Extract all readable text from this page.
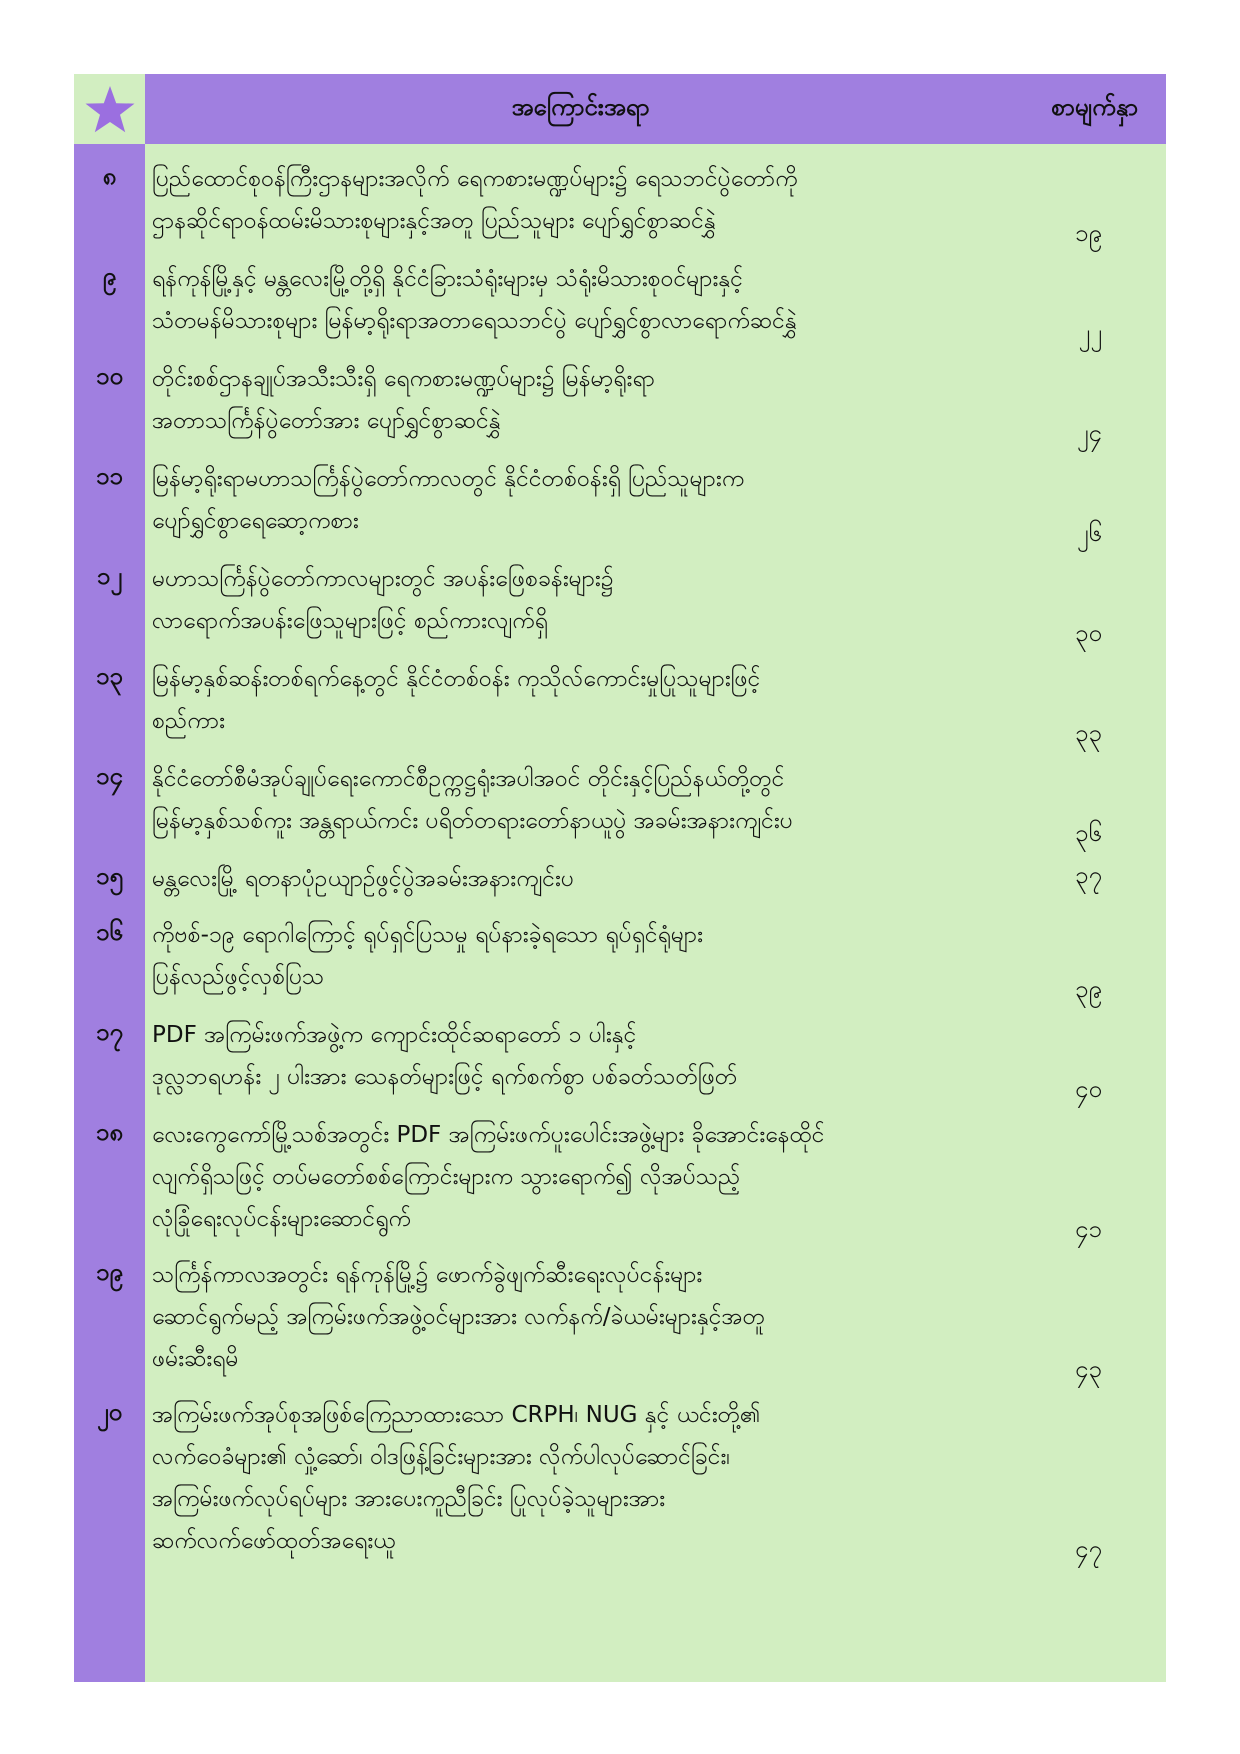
အကြောင်းအရာ	စာမျက်နှာ
၈	ပြည်ထောင်စုဝန်ကြီးဌာနများအလိုက် ရေကစားမဏ္ဍပ်များ၌ ရေသဘင်ပွဲတော်ကို
ဌာနဆိုင်ရာဝန်ထမ်းမိသားစုများနှင့်အတူ ပြည်သူများ ပျော်ရွှင်စွာဆင်နွှဲ	၁၉
၉	ရန်ကုန်မြို့နှင့် မန္တလေးမြို့တို့ရှိ နိုင်ငံခြားသံရုံးများမှ သံရုံးမိသားစုဝင်များနှင့်
သံတမန်မိသားစုများ မြန်မာ့ရိုးရာအတာရေသဘင်ပွဲ ပျော်ရွှင်စွာလာရောက်ဆင်နွှဲ	၂၂
၁၀	တိုင်းစစ်ဌာနချုပ်အသီးသီးရှိ ရေကစားမဏ္ဍပ်များ၌ မြန်မာ့ရိုးရာ
အတာသင်္ကြန်ပွဲတော်အား ပျော်ရွှင်စွာဆင်နွှဲ	၂၄
၁၁	မြန်မာ့ရိုးရာမဟာသင်္ကြန်ပွဲတော်ကာလတွင် နိုင်ငံတစ်ဝန်းရှိ ပြည်သူများက
ပျော်ရွှင်စွာရေဆော့ကစား	၂၆
၁၂	မဟာသင်္ကြန်ပွဲတော်ကာလများတွင် အပန်းဖြေစခန်းများ၌
လာရောက်အပန်းဖြေသူများဖြင့် စည်ကားလျက်ရှိ	၃၀
၁၃	မြန်မာ့နှစ်ဆန်းတစ်ရက်နေ့တွင် နိုင်ငံတစ်ဝန်း ကုသိုလ်ကောင်းမှုပြုသူများဖြင့်
စည်ကား	၃၃
၁၄	နိုင်ငံတော်စီမံအုပ်ချုပ်ရေးကောင်စီဥက္ကဋ္ဌရုံးအပါအဝင် တိုင်းနှင့်ပြည်နယ်တို့တွင်
မြန်မာ့နှစ်သစ်ကူး အန္တရာယ်ကင်း ပရိတ်တရားတော်နာယူပွဲ အခမ်းအနားကျင်းပ	၃၆
၁၅	မန္တလေးမြို့ ရတနာပုံဥယျာဉ်ဖွင့်ပွဲအခမ်းအနားကျင်းပ	၃၇
၁၆	ကိုဗစ်-၁၉ ရောဂါကြောင့် ရုပ်ရှင်ပြသမှု ရပ်နားခဲ့ရသော ရုပ်ရှင်ရုံများ
ပြန်လည်ဖွင့်လှစ်ပြသ	၃၉
၁၇	PDF အကြမ်းဖက်အဖွဲ့က ကျောင်းထိုင်ဆရာတော် ၁ ပါးနှင့်
ဒုလ္လဘရဟန်း ၂ ပါးအား သေနတ်များဖြင့် ရက်စက်စွာ ပစ်ခတ်သတ်ဖြတ်	၄၀
၁၈	လေးကွေကော်မြို့သစ်အတွင်း PDF အကြမ်းဖက်ပူးပေါင်းအဖွဲ့များ ခိုအောင်းနေထိုင်
လျက်ရှိသဖြင့် တပ်မတော်စစ်ကြောင်းများက သွားရောက်၍ လိုအပ်သည့်
လုံခြုံရေးလုပ်ငန်းများဆောင်ရွက်	၄၁
၁၉	သင်္ကြန်ကာလအတွင်း ရန်ကုန်မြို့၌ ဖောက်ခွဲဖျက်ဆီးရေးလုပ်ငန်းများ
ဆောင်ရွက်မည့် အကြမ်းဖက်အဖွဲ့ဝင်များအား လက်နက်/ခဲယမ်းများနှင့်အတူ
ဖမ်းဆီးရမိ	၄၃
၂၀	အကြမ်းဖက်အုပ်စုအဖြစ်ကြေညာထားသော CRPH၊ NUG နှင့် ယင်းတို့၏
လက်ဝေခံများ၏ လှုံ့ဆော်၊ ဝါဒဖြန့်ခြင်းများအား လိုက်ပါလုပ်ဆောင်ခြင်း၊
အကြမ်းဖက်လုပ်ရပ်များ အားပေးကူညီခြင်း ပြုလုပ်ခဲ့သူများအား
ဆက်လက်ဖော်ထုတ်အရေးယူ	၄၇
